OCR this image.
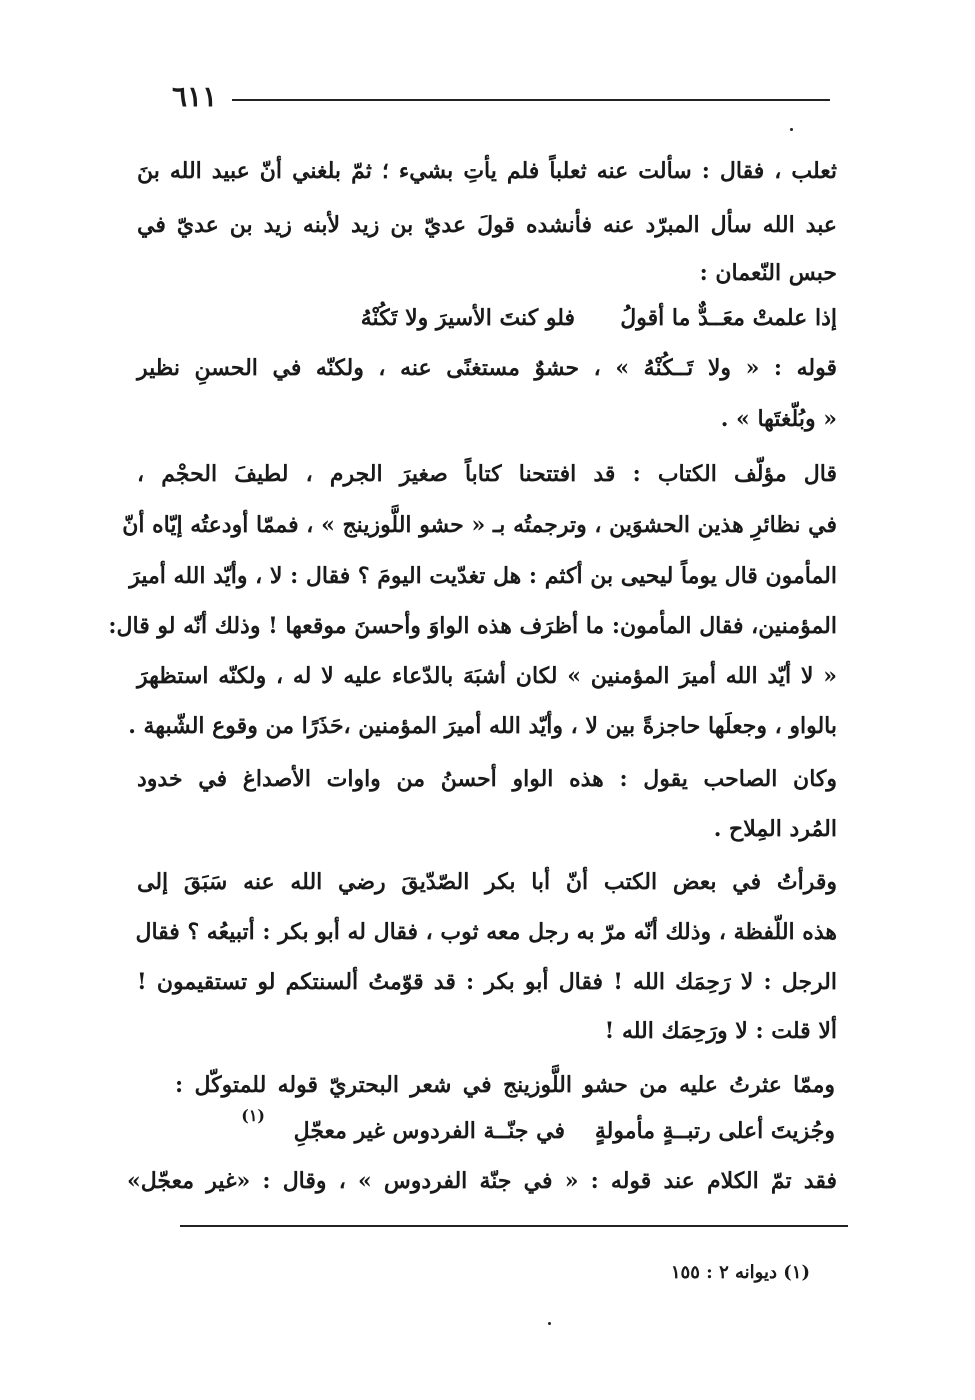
٦١١
ثعلب ، فقال : سألت عنه ثعلباً فلم يأتِ بشيء ؛ ثمّ بلغني أنّ عبيد الله بنَ
عبد الله سأل المبرّد عنه فأنشده قولَ عديّ بن زيد لأبنه زيد بن عديّ في
حبس النّعمان :
إذا علمتْ معَــدٌّ ما أقولُ
فلو كنتَ الأسيرَ ولا تَكُنْهُ
قوله : « ولا تَــكُنْهُ » ، حشوٌ مستغنًى عنه ، ولكنّه في الحسنِ نظير
« وبُلّغتَها » .
قال مؤلّف الكتاب : قد افتتحنا كتاباً صغيرَ الجرم ، لطيفَ الحجْم ،
في نظائرِ هذين الحشوَين ، وترجمتُه بـ « حشو اللَّوزينج » ، فممّا أودعتُه إيّاه أنّ
المأمون قال يوماً ليحيى بن أكثم : هل تغدّيت اليومَ ؟ فقال : لا ، وأيّد الله أميرَ
المؤمنين، فقال المأمون: ما أظرَف هذه الواوَ وأحسنَ موقعها ! وذلك أنّه لو قال:
« لا أيّد الله أميرَ المؤمنين » لكان أشبَهَ بالدّعاء عليه لا له ، ولكنّه استظهرَ
بالواو ، وجعلَها حاجزةً بين لا ، وأيّد الله أميرَ المؤمنين ،حَذَرًا من وقوع الشّبهة .
وكان الصاحب يقول : هذه الواو أحسنُ من واوات الأصداغ في خدود
المُرد المِلاح .
وقرأتُ في بعض الكتب أنّ أبا بكر الصّدّيقَ رضي الله عنه سَبَقَ إلى
هذه اللّفظة ، وذلك أنّه مرّ به رجل معه ثوب ، فقال له أبو بكر : أتبيعُه ؟ فقال
الرجل : لا رَحِمَك الله ! فقال أبو بكر : قد قوّمتُ ألسنتكم لو تستقيمون !
ألا قلت : لا ورَحِمَك الله !
وممّا عثرتُ عليه من حشو اللَّوزينج في شعر البحتريّ قوله للمتوكّل :
وجُزيتَ أعلى رتبــةٍ مأمولةٍ
في جنّــة الفردوس غير معجّلِ
(١)
فقد تمّ الكلام عند قوله : « في جنّة الفردوس » ، وقال : «غير معجّل»
(١) ديوانه ٢ : ١٥٥
